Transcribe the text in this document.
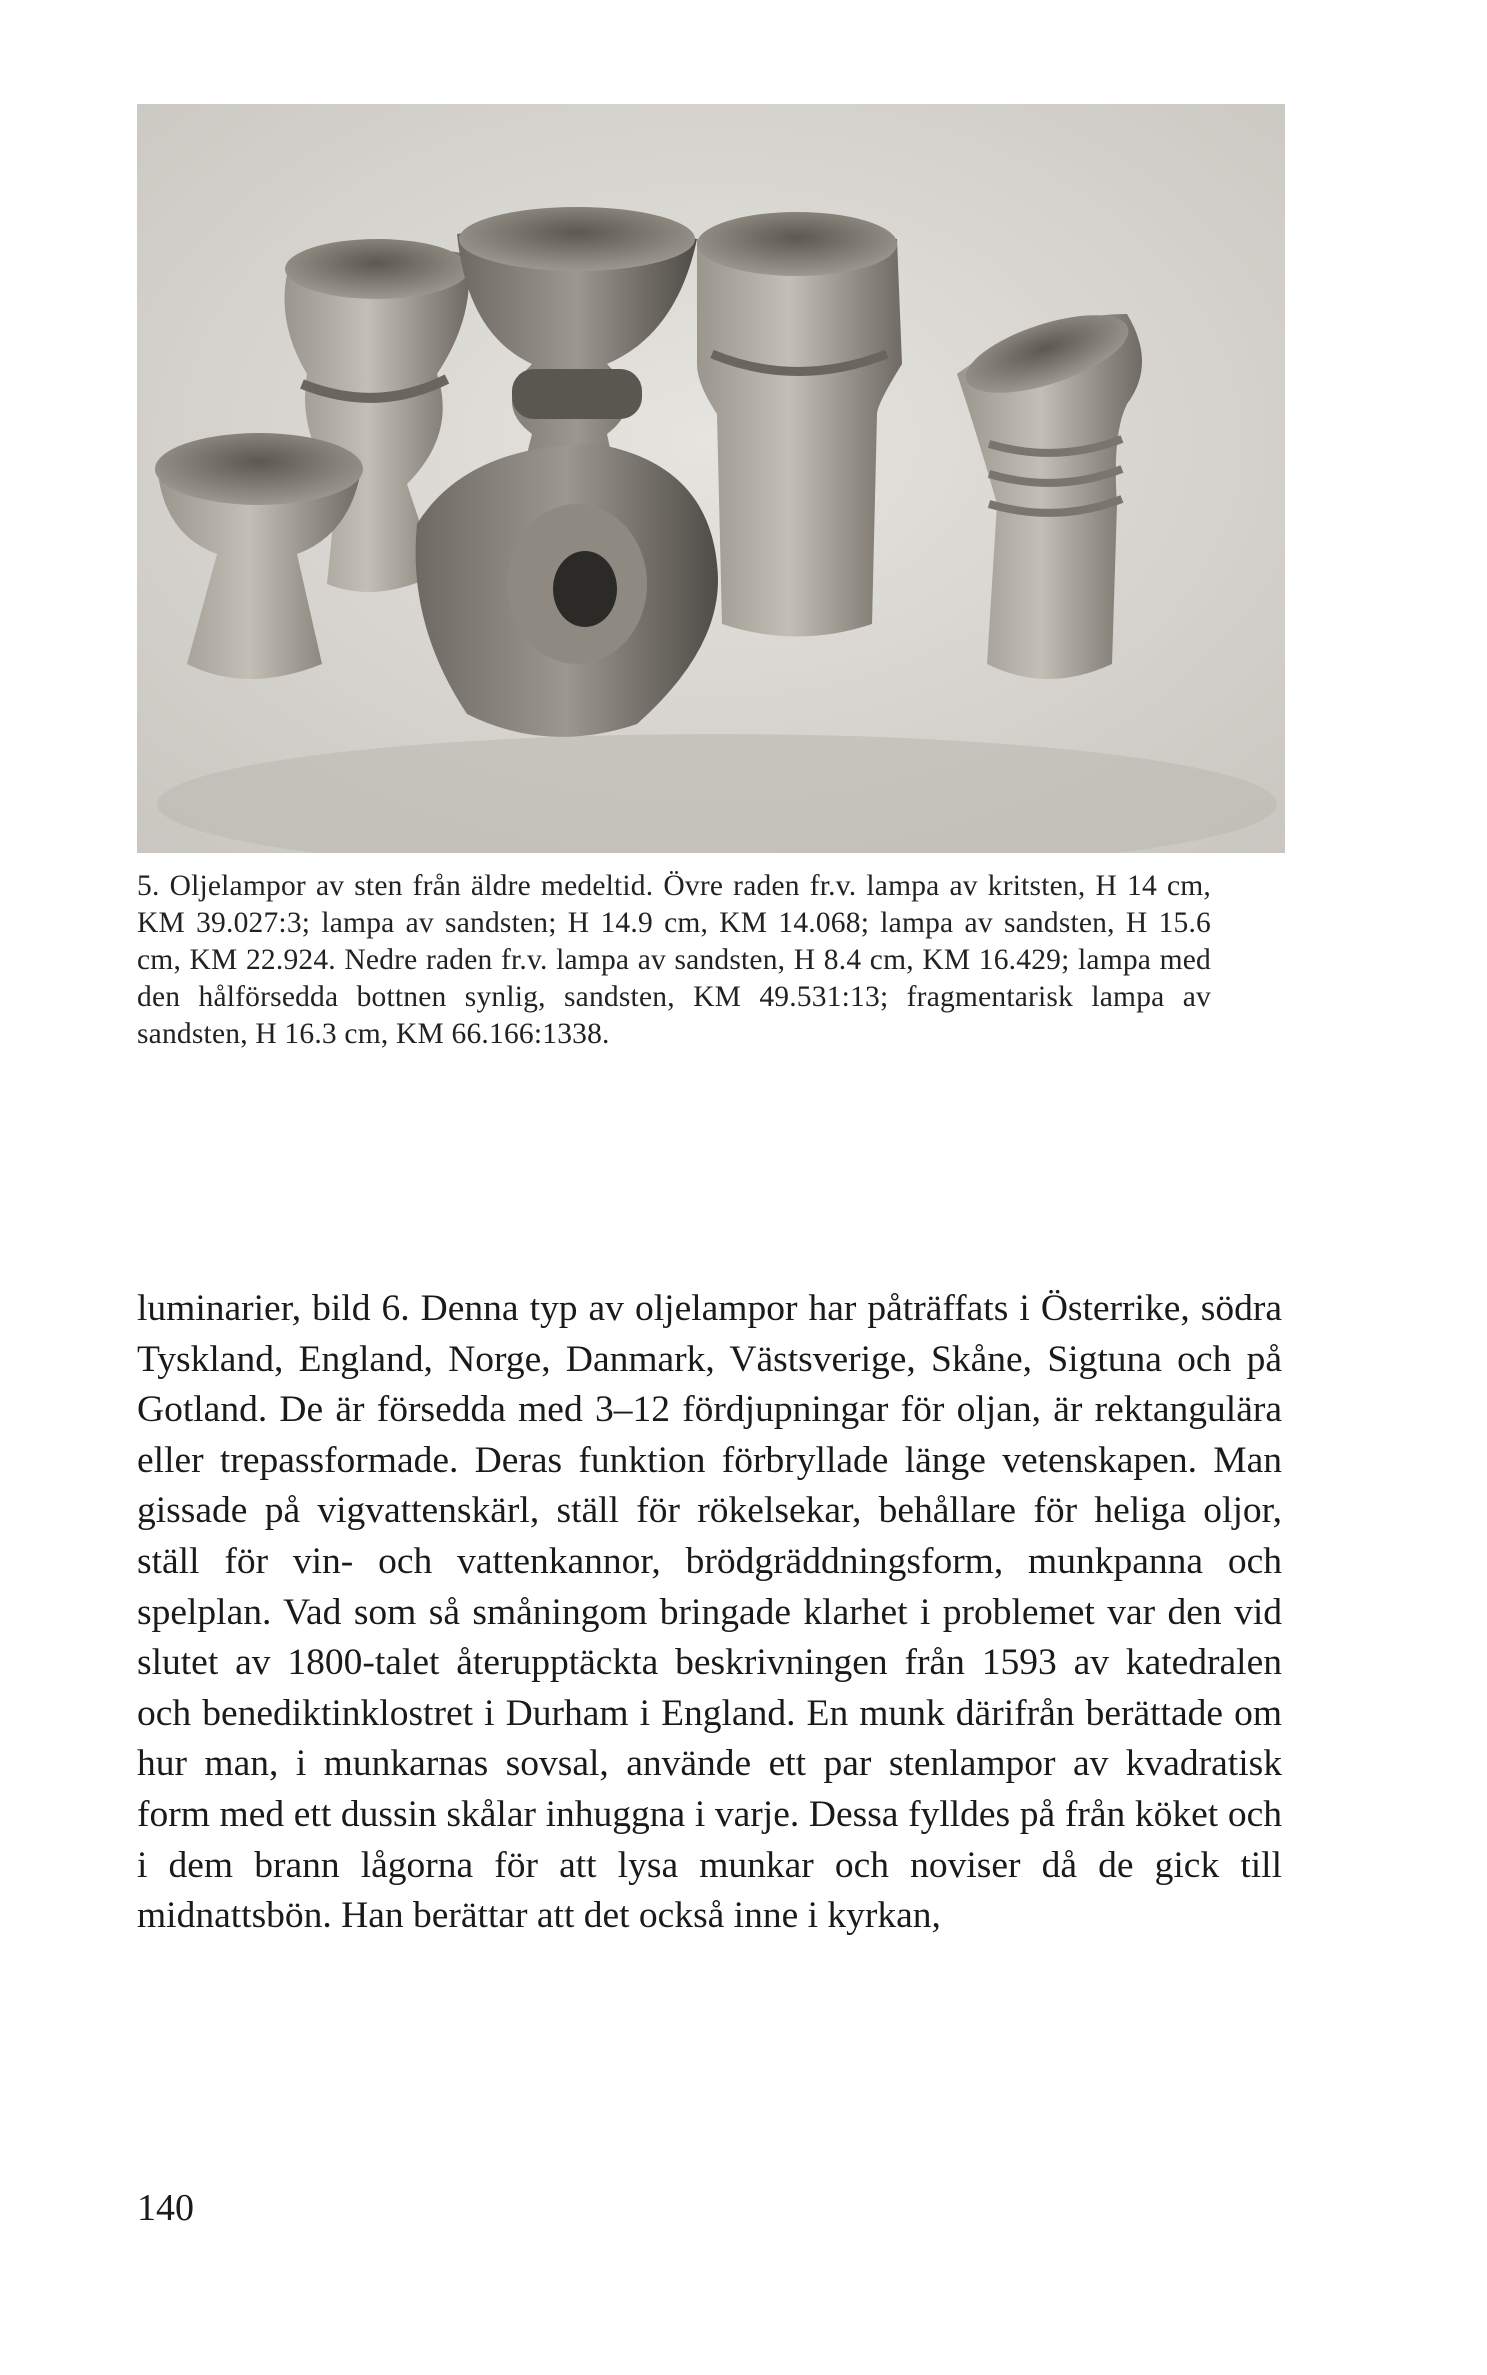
5. Oljelampor av sten från äldre medeltid. Övre raden fr.v. lampa av kritsten, H 14 cm, KM 39.027:3; lampa av sandsten; H 14.9 cm, KM 14.068; lampa av sandsten, H 15.6 cm, KM 22.924. Nedre raden fr.v. lampa av sandsten, H 8.4 cm, KM 16.429; lampa med den hålförsedda bottnen synlig, sandsten, KM 49.531:13; fragmentarisk lampa av sandsten, H 16.3 cm, KM 66.166:1338.

luminarier, bild 6. Denna typ av oljelampor har påträffats i Österrike, södra Tyskland, England, Norge, Danmark, Västsverige, Skåne, Sigtuna och på Gotland. De är försedda med 3–12 fördjupningar för oljan, är rektangulära eller trepassformade. Deras funktion förbryllade länge vetenskapen. Man gissade på vigvattenskärl, ställ för rökelsekar, behållare för heliga oljor, ställ för vin- och vattenkannor, brödgräddningsform, munkpanna och spelplan. Vad som så småningom bringade klarhet i problemet var den vid slutet av 1800-talet återupptäckta beskrivningen från 1593 av katedralen och benediktinklostret i Durham i England. En munk därifrån berättade om hur man, i munkarnas sovsal, använde ett par stenlampor av kvadratisk form med ett dussin skålar inhuggna i varje. Dessa fylldes på från köket och i dem brann lågorna för att lysa munkar och noviser då de gick till midnattsbön. Han berättar att det också inne i kyrkan,

140
